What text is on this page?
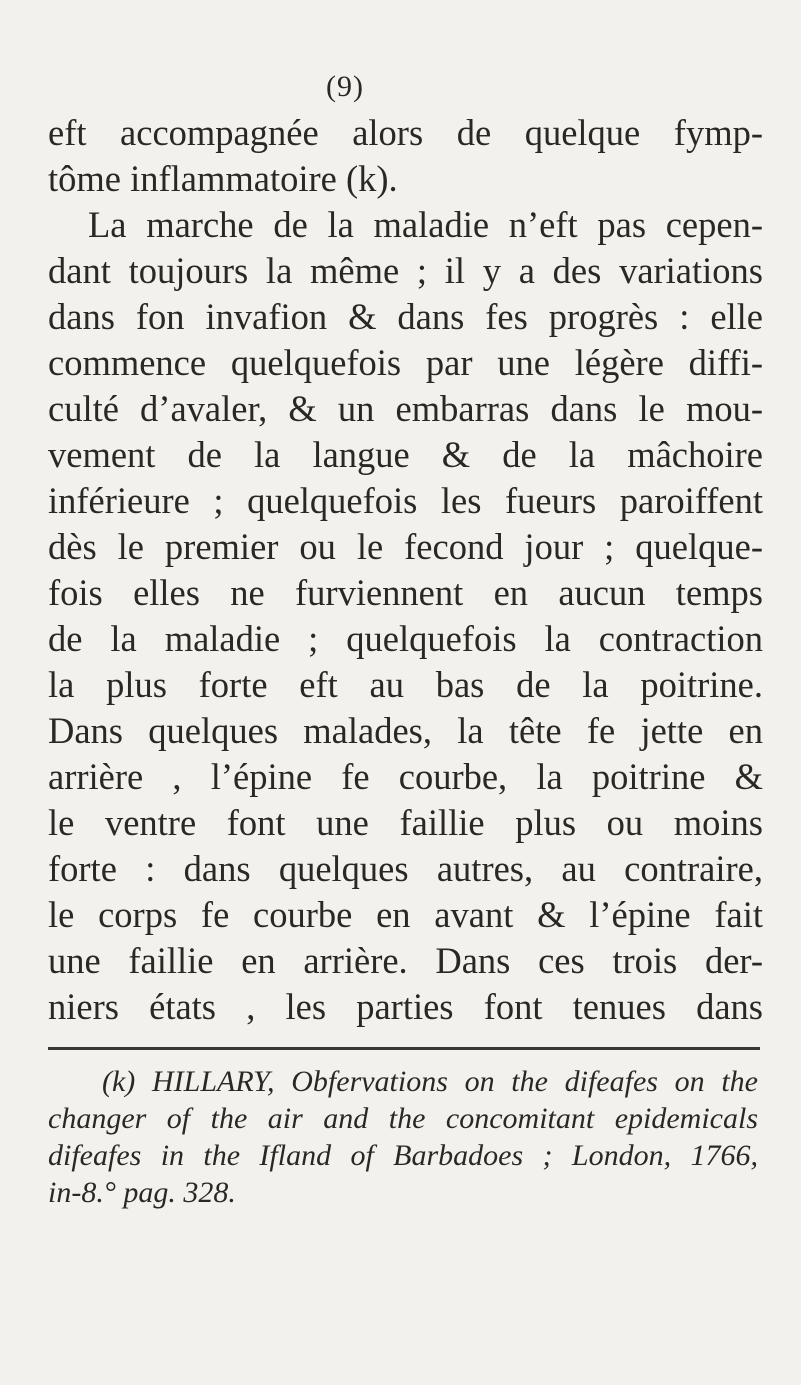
(9)
eft accompagnée alors de quelque fymp-
tôme inflammatoire (k).
La marche de la maladie n’eft pas cepen-
dant toujours la même ; il y a des variations
dans fon invafion & dans fes progrès : elle
commence quelquefois par une légère diffi-
culté d’avaler, & un embarras dans le mou-
vement de la langue & de la mâchoire
inférieure ; quelquefois les fueurs paroiffent
dès le premier ou le fecond jour ; quelque-
fois elles ne furviennent en aucun temps
de la maladie ; quelquefois la contraction
la plus forte eft au bas de la poitrine.
Dans quelques malades, la tête fe jette en
arrière , l’épine fe courbe, la poitrine &
le ventre font une faillie plus ou moins
forte : dans quelques autres, au contraire,
le corps fe courbe en avant & l’épine fait
une faillie en arrière. Dans ces trois der-
niers états , les parties font tenues dans
(k) HILLARY, Obfervations on the difeafes on the
changer of the air and the concomitant epidemicals
difeafes in the Ifland of Barbadoes ; London, 1766,
in-8.° pag. 328.
